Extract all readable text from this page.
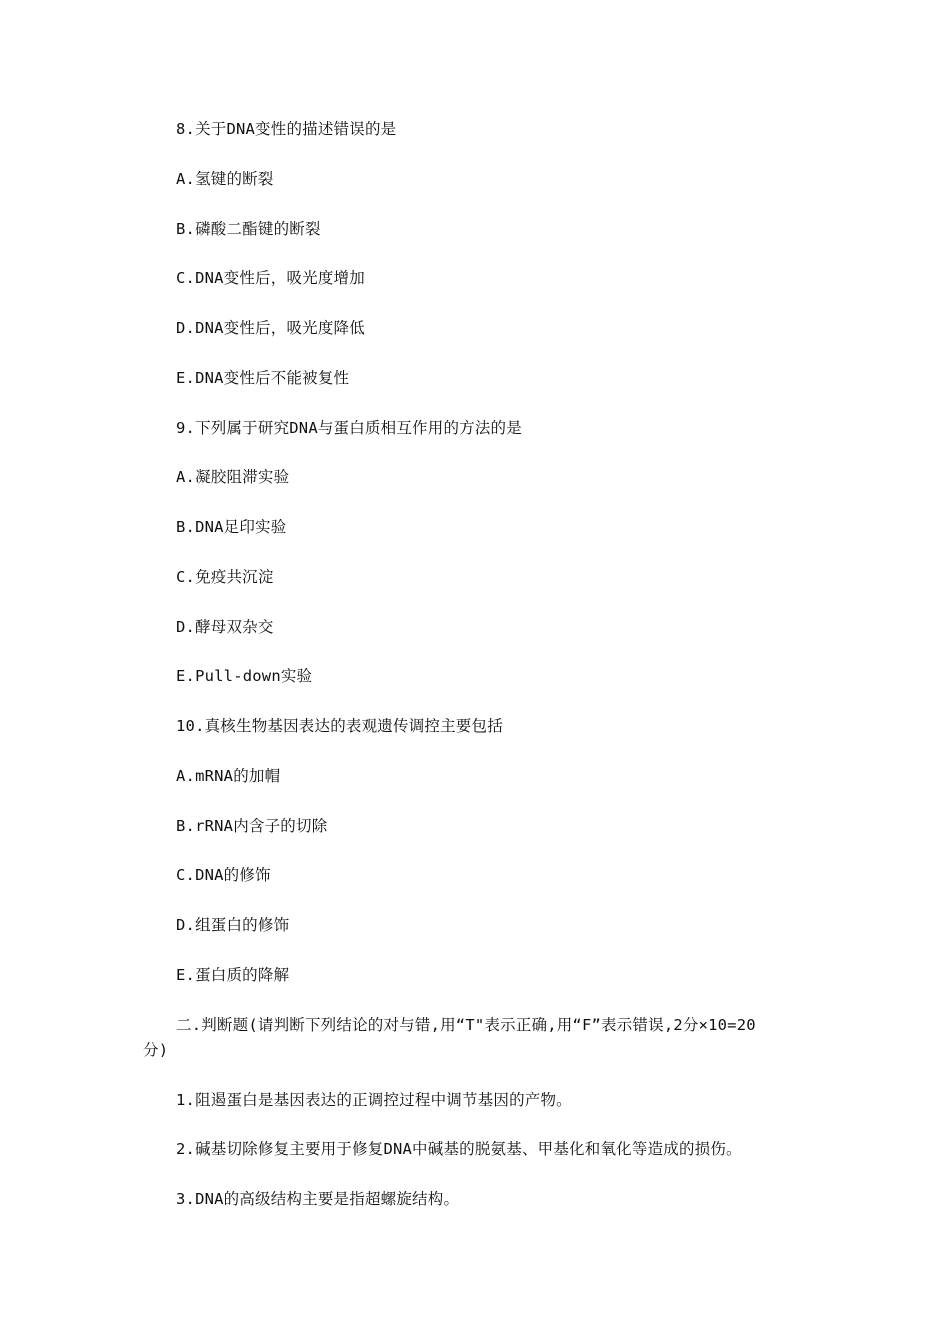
8.关于DNA变性的描述错误的是
A.氢键的断裂
B.磷酸二酯键的断裂
C.DNA变性后，吸光度增加
D.DNA变性后，吸光度降低
E.DNA变性后不能被复性
9.下列属于研究DNA与蛋白质相互作用的方法的是
A.凝胶阻滞实验
B.DNA足印实验
C.免疫共沉淀
D.酵母双杂交
E.Pull-down实验
10.真核生物基因表达的表观遗传调控主要包括
A.mRNA的加帽
B.rRNA内含子的切除
C.DNA的修饰
D.组蛋白的修饰
E.蛋白质的降解
二.判断题(请判断下列结论的对与错,用“T"表示正确,用“F”表示错误,2分×10=20
分)
1.阻遏蛋白是基因表达的正调控过程中调节基因的产物。
2.碱基切除修复主要用于修复DNA中碱基的脱氨基、甲基化和氧化等造成的损伤。
3.DNA的高级结构主要是指超螺旋结构。
